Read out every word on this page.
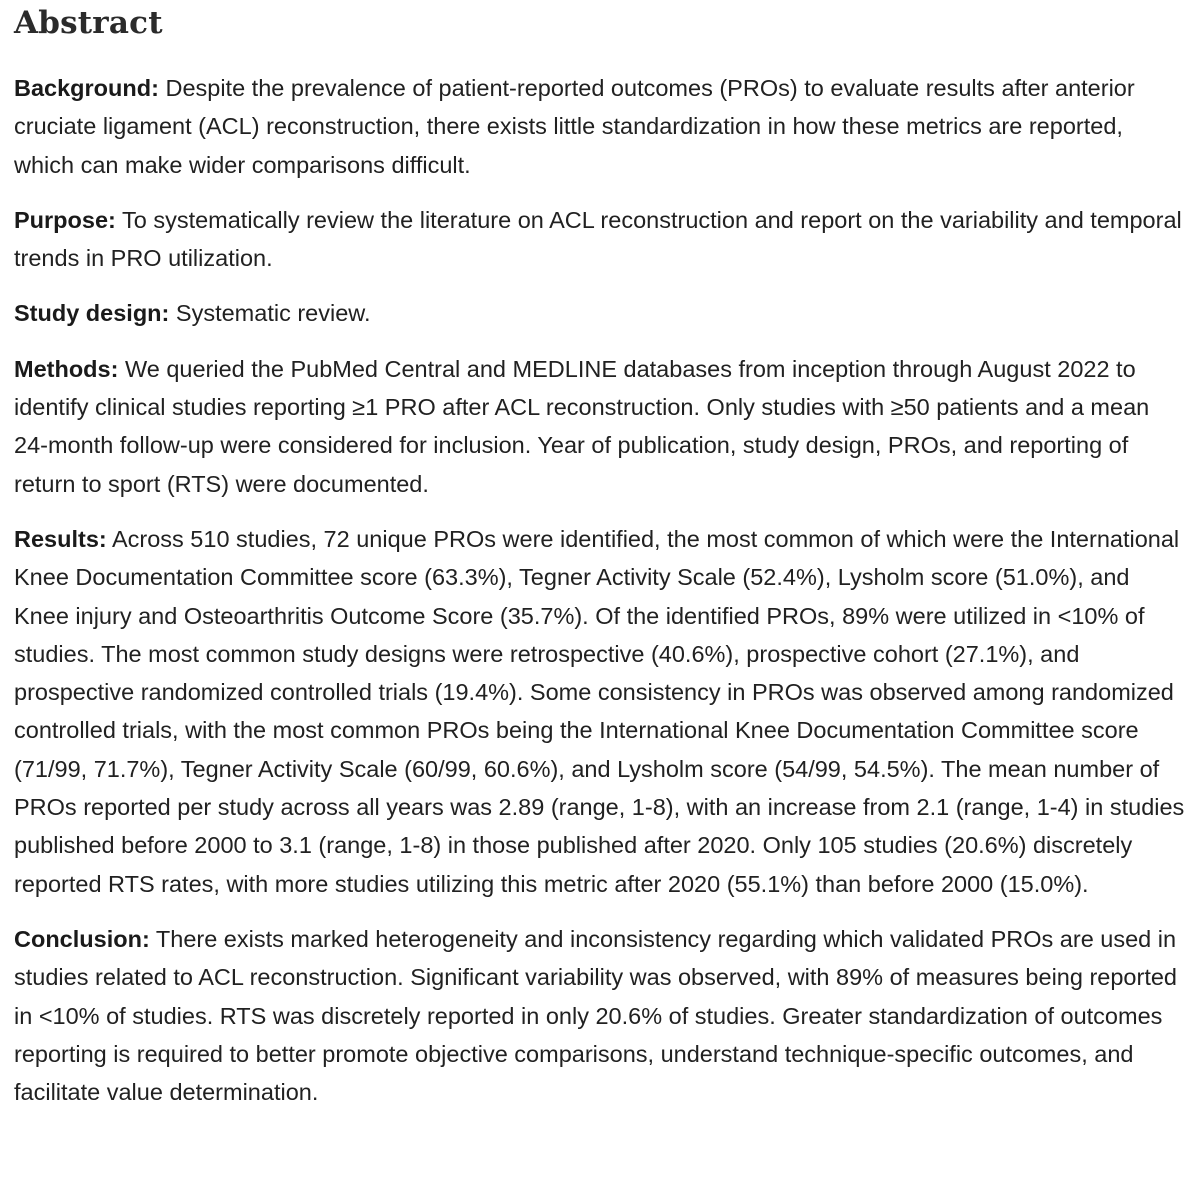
Abstract

Background: Despite the prevalence of patient-reported outcomes (PROs) to evaluate results after anterior cruciate ligament (ACL) reconstruction, there exists little standardization in how these metrics are reported, which can make wider comparisons difficult.

Purpose: To systematically review the literature on ACL reconstruction and report on the variability and temporal trends in PRO utilization.

Study design: Systematic review.

Methods: We queried the PubMed Central and MEDLINE databases from inception through August 2022 to identify clinical studies reporting ≥1 PRO after ACL reconstruction. Only studies with ≥50 patients and a mean 24-month follow-up were considered for inclusion. Year of publication, study design, PROs, and reporting of return to sport (RTS) were documented.

Results: Across 510 studies, 72 unique PROs were identified, the most common of which were the International Knee Documentation Committee score (63.3%), Tegner Activity Scale (52.4%), Lysholm score (51.0%), and Knee injury and Osteoarthritis Outcome Score (35.7%). Of the identified PROs, 89% were utilized in <10% of studies. The most common study designs were retrospective (40.6%), prospective cohort (27.1%), and prospective randomized controlled trials (19.4%). Some consistency in PROs was observed among randomized controlled trials, with the most common PROs being the International Knee Documentation Committee score (71/99, 71.7%), Tegner Activity Scale (60/99, 60.6%), and Lysholm score (54/99, 54.5%). The mean number of PROs reported per study across all years was 2.89 (range, 1-8), with an increase from 2.1 (range, 1-4) in studies published before 2000 to 3.1 (range, 1-8) in those published after 2020. Only 105 studies (20.6%) discretely reported RTS rates, with more studies utilizing this metric after 2020 (55.1%) than before 2000 (15.0%).

Conclusion: There exists marked heterogeneity and inconsistency regarding which validated PROs are used in studies related to ACL reconstruction. Significant variability was observed, with 89% of measures being reported in <10% of studies. RTS was discretely reported in only 20.6% of studies. Greater standardization of outcomes reporting is required to better promote objective comparisons, understand technique-specific outcomes, and facilitate value determination.
